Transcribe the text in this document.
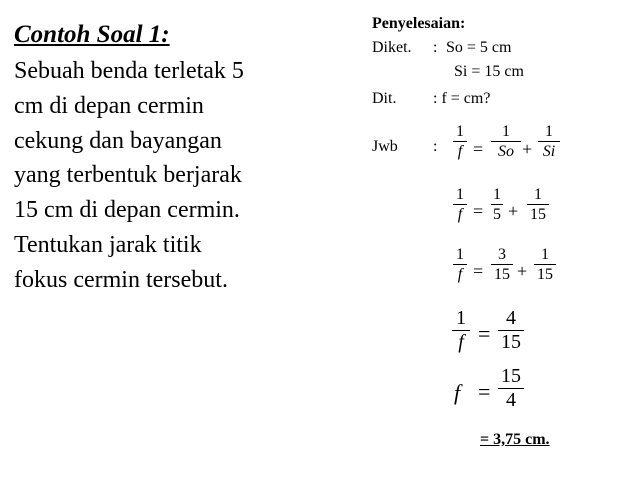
Contoh Soal 1:
Sebuah benda terletak 5
cm di depan cermin
cekung dan bayangan
yang terbentuk berjarak
15 cm di depan cermin.
Tentukan jarak titik
fokus cermin tersebut.
Penyelesaian:
Diket. : So = 5 cm
Si = 15 cm
Dit. : f = cm?
Jwb :
1
f =
1
So +
1
Si
1
f =
1
5 +
1
15
1
f =
3
15 +
1
15
1
f =
4
15
f =
15
4
= 3,75 cm.
